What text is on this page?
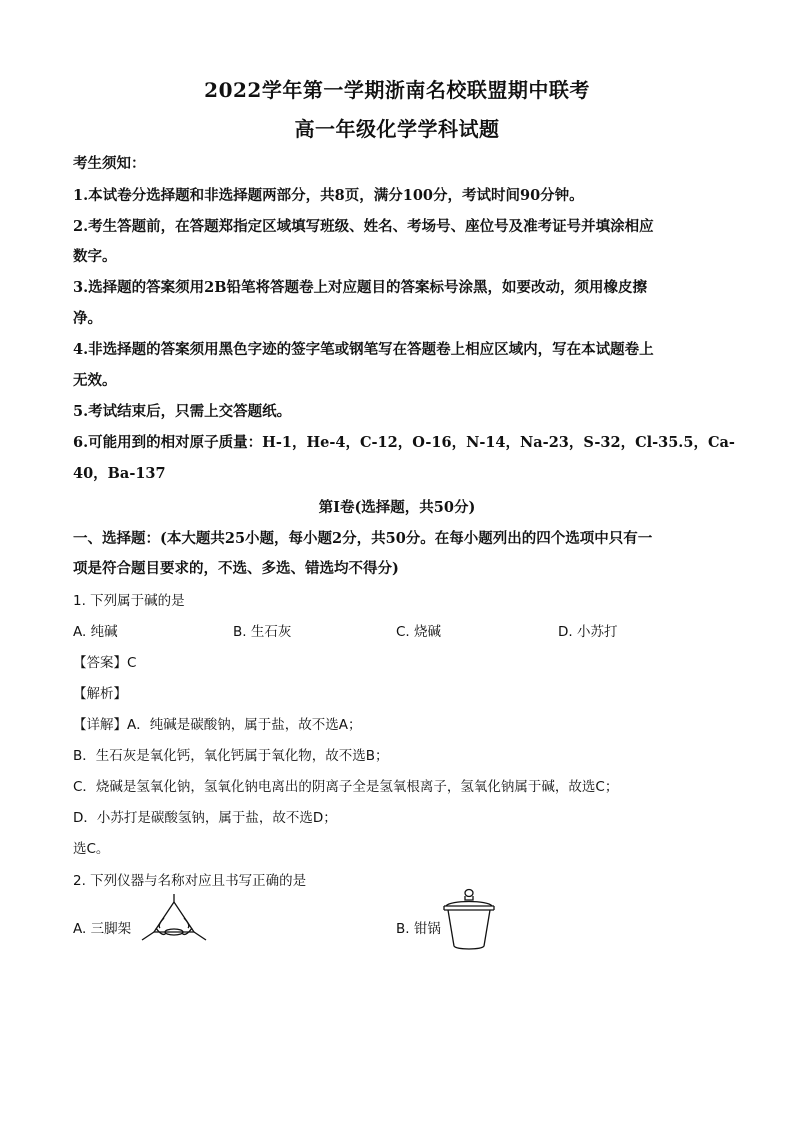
2022学年第一学期浙南名校联盟期中联考
高一年级化学学科试题
考生须知：
1.本试卷分选择题和非选择题两部分，共8页，满分100分，考试时间90分钟。
2.考生答题前，在答题郑指定区域填写班级、姓名、考场号、座位号及准考证号并填涂相应
数字。
3.选择题的答案须用2B铅笔将答题卷上对应题目的答案标号涂黑，如要改动，须用橡皮擦
净。
4.非选择题的答案须用黑色字迹的签字笔或钢笔写在答题卷上相应区域内，写在本试题卷上
无效。
5.考试结束后，只需上交答题纸。
6.可能用到的相对原子质量：H-1，He-4，C-12，O-16，N-14，Na-23，S-32，Cl-35.5，Ca-
40，Ba-137
第Ⅰ卷(选择题，共50分)
一、选择题：(本大题共25小题，每小题2分，共50分。在每小题列出的四个选项中只有一
项是符合题目要求的，不选、多选、错选均不得分)
1. 下列属于碱的是
A. 纯碱	B. 生石灰	C. 烧碱	D. 小苏打
【答案】C
【解析】
【详解】A．纯碱是碳酸钠，属于盐，故不选A；
B．生石灰是氧化钙，氧化钙属于氧化物，故不选B；
C．烧碱是氢氧化钠，氢氧化钠电离出的阴离子全是氢氧根离子，氢氧化钠属于碱，故选C；
D．小苏打是碳酸氢钠，属于盐，故不选D；
选C。
2. 下列仪器与名称对应且书写正确的是
A. 三脚架	B. 钳锅
